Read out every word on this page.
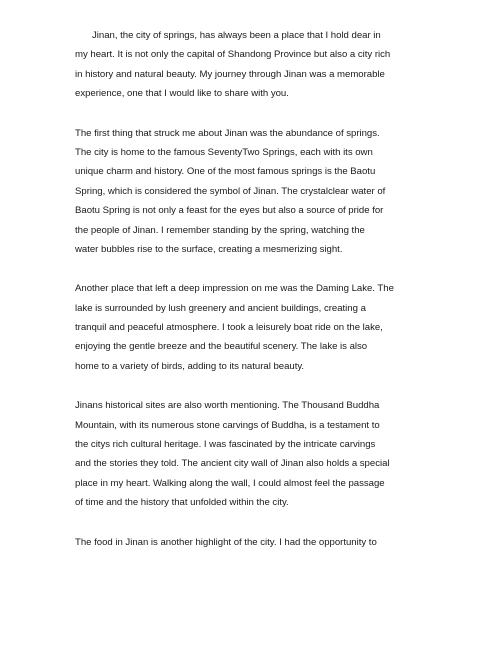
Jinan, the city of springs, has always been a place that I hold dear in
my heart. It is not only the capital of Shandong Province but also a city rich
in history and natural beauty. My journey through Jinan was a memorable
experience, one that I would like to share with you.

The first thing that struck me about Jinan was the abundance of springs.
The city is home to the famous SeventyTwo Springs, each with its own
unique charm and history. One of the most famous springs is the Baotu
Spring, which is considered the symbol of Jinan. The crystalclear water of
Baotu Spring is not only a feast for the eyes but also a source of pride for
the people of Jinan. I remember standing by the spring, watching the
water bubbles rise to the surface, creating a mesmerizing sight.

Another place that left a deep impression on me was the Daming Lake. The
lake is surrounded by lush greenery and ancient buildings, creating a
tranquil and peaceful atmosphere. I took a leisurely boat ride on the lake,
enjoying the gentle breeze and the beautiful scenery. The lake is also
home to a variety of birds, adding to its natural beauty.

Jinans historical sites are also worth mentioning. The Thousand Buddha
Mountain, with its numerous stone carvings of Buddha, is a testament to
the citys rich cultural heritage. I was fascinated by the intricate carvings
and the stories they told. The ancient city wall of Jinan also holds a special
place in my heart. Walking along the wall, I could almost feel the passage
of time and the history that unfolded within the city.

The food in Jinan is another highlight of the city. I had the opportunity to
